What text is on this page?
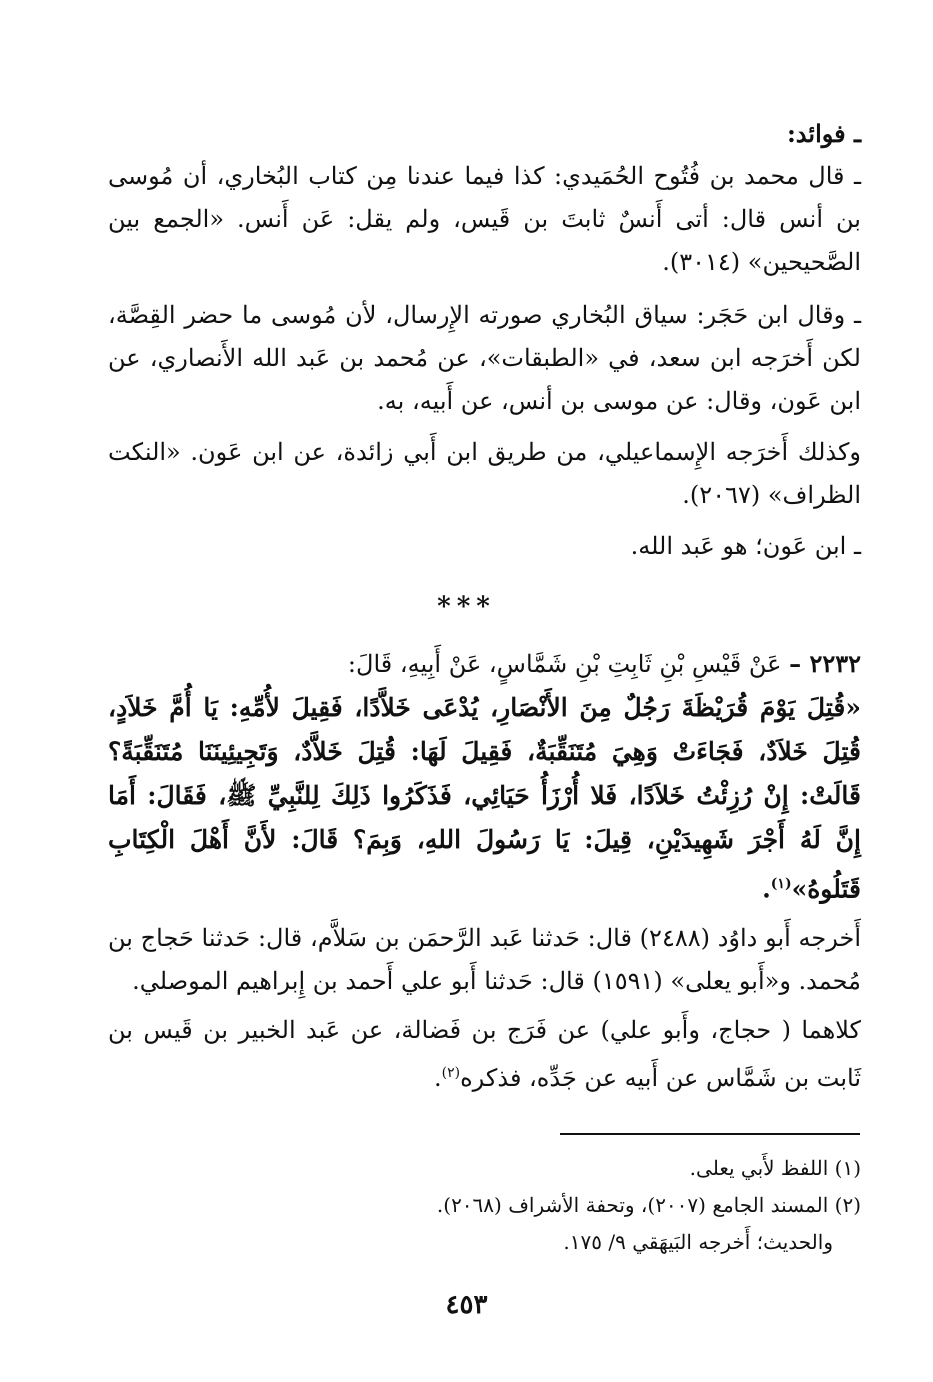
ـ فوائد:
ـ قال محمد بن فُتُوح الحُمَيدي: كذا فيما عندنا مِن كتاب البُخاري، أن مُوسى بن أنس قال: أتى أَنسٌ ثابتَ بن قَيس، ولم يقل: عَن أَنس. «الجمع بين الصَّحيحين» (٣٠١٤).
ـ وقال ابن حَجَر: سياق البُخاري صورته الإِرسال، لأن مُوسى ما حضر القِصَّة، لكن أَخرَجه ابن سعد، في «الطبقات»، عن مُحمد بن عَبد الله الأَنصاري، عن ابن عَون، وقال: عن موسى بن أنس، عن أَبيه، به.
وكذلك أَخرَجه الإِسماعيلي، من طريق ابن أَبي زائدة، عن ابن عَون. «النكت الظراف» (٢٠٦٧).
ـ ابن عَون؛ هو عَبد الله.
***
٢٢٣٢ – عَنْ قَيْسِ بْنِ ثَابِتِ بْنِ شَمَّاسٍ، عَنْ أَبِيهِ، قَالَ:
«قُتِلَ يَوْمَ قُرَيْظَةَ رَجُلٌ مِنَ الأَنْصَارِ، يُدْعَى خَلاَّدًا، فَقِيلَ لأُمِّهِ: يَا أُمَّ خَلاَدٍ، قُتِلَ خَلاَدٌ، فَجَاءَتْ وَهِيَ مُتَنَقِّبَةٌ، فَقِيلَ لَهَا: قُتِلَ خَلاَّدٌ، وَتَجِيئِينَنَا مُتَنَقِّبَةً؟ قَالَتْ: إِنْ رُزِئْتُ خَلاَدًا، فَلا أُرْزَأُ حَيَائِي، فَذَكَرُوا ذَلِكَ لِلنَّبِيِّ ﷺ، فَقَالَ: أَمَا إِنَّ لَهُ أَجْرَ شَهِيدَيْنِ، قِيلَ: يَا رَسُولَ اللهِ، وَبِمَ؟ قَالَ: لأَنَّ أَهْلَ الْكِتَابِ قَتَلُوهُ»$^{(١)}$.
أَخرجه أَبو داوُد (٢٤٨٨) قال: حَدثنا عَبد الرَّحمَن بن سَلاَّم، قال: حَدثنا حَجاج بن مُحمد. و«أَبو يعلى» (١٥٩١) قال: حَدثنا أَبو علي أَحمد بن إِبراهيم الموصلي.
كلاهما ( حجاج، وأَبو علي) عن فَرَج بن فَضالة، عن عَبد الخبير بن قَيس بن ثَابت بن شَمَّاس عن أَبيه عن جَدِّه، فذكره$^{(٢)}$.
(١) اللفظ لأَبي يعلى.
(٢) المسند الجامع (٢٠٠٧)، وتحفة الأشراف (٢٠٦٨).
والحديث؛ أَخرجه البَيهَقي ٩/ ١٧٥.
٤٥٣
